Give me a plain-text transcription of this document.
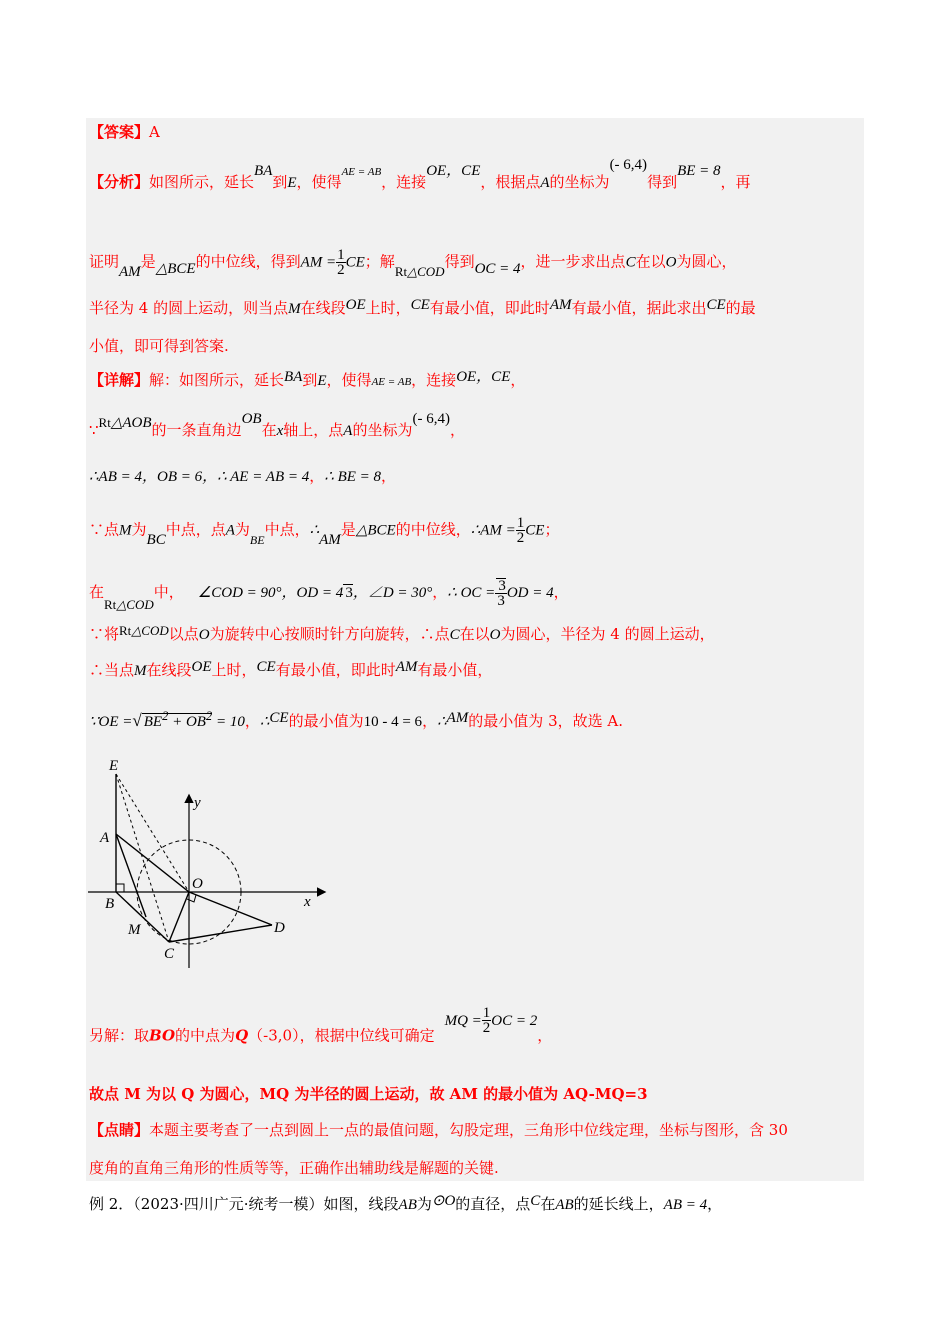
【答案】A
【分析】如图所示，延长BA到E，使得$^{AE = AB}$，连接OE，CE，根据点A的坐标为(- 6,4)得到BE = 8，再
证明AM是△BCE的中位线，得到AM = $\frac{1}{2}$ CE；解Rt△COD得到OC = 4，进一步求出点C在以O为圆心，
半径为 4 的圆上运动，则当点M在线段OE上时，CE有最小值，即此时AM有最小值，据此求出CE的最
小值，即可得到答案.
【详解】解：如图所示，延长BA到E，使得AE = AB，连接OE，CE，
∵Rt△AOB的一条直角边OB在x轴上，点A的坐标为(- 6,4)，
∴AB = 4，OB = 6，∴ AE = AB = 4，∴ BE = 8，
∵点M为BC中点，点A为$_{BE}$中点，∴AM是△BCE的中位线，∴AM = $\frac{1}{2}$ CE；
在Rt△COD中， ∠COD = 90°，OD = 4 3，∠D = 30°，∴ OC = $\frac{3}{3}$ OD = 4，
∵将Rt△COD以点O为旋转中心按顺时针方向旋转，∴点C在以O为圆心，半径为 4 的圆上运动，
∴当点M在线段OE上时，CE有最小值，即此时AM有最小值，
∵OE =√ $BE^2 + OB^2 = 10$，∴CE的最小值为10 - 4 = 6，∴AM的最小值为 3，故选 A.
E
y
A
O
x
B
M	D
C
另解：取BO的中点为Q（-3,0），根据中位线可确定MQ = $\frac{1}{2}$ OC = 2，
故点 M 为以 Q 为圆心，MQ 为半径的圆上运动，故 AM 的最小值为 AQ-MQ=3
【点睛】本题主要考查了一点到圆上一点的最值问题，勾股定理，三角形中位线定理，坐标与图形，含 30
度角的直角三角形的性质等等，正确作出辅助线是解题的关键.
例 2．（2023·四川广元·统考一模）如图，线段AB为⊙O的直径，点C在AB的延长线上，AB = 4，
